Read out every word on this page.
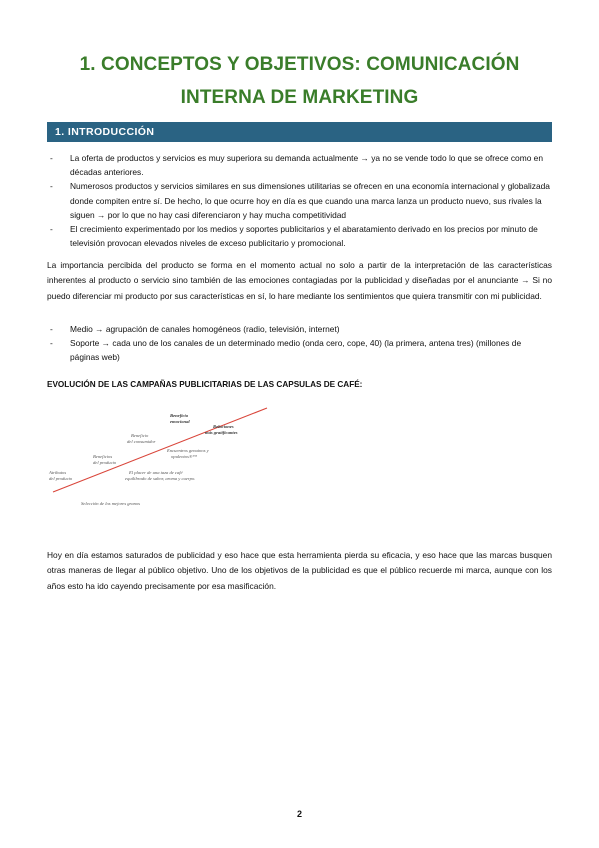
1. CONCEPTOS Y OBJETIVOS: COMUNICACIÓN
INTERNA DE MARKETING
1. INTRODUCCIÓN
- La oferta de productos y servicios es muy superiora su demanda actualmente → ya no se vende todo lo que se ofrece como en décadas anteriores.
- Numerosos productos y servicios similares en sus dimensiones utilitarias se ofrecen en una economía internacional y globalizada donde compiten entre sí. De hecho, lo que ocurre hoy en día es que cuando una marca lanza un producto nuevo, sus rivales la siguen → por lo que no hay casi diferenciaron y hay mucha competitividad
- El crecimiento experimentado por los medios y soportes publicitarios y el abaratamiento derivado en los precios por minuto de televisión provocan elevados niveles de exceso publicitario y promocional.

La importancia percibida del producto se forma en el momento actual no solo a partir de la interpretación de las características inherentes al producto o servicio sino también de las emociones contagiadas por la publicidad y diseñadas por el anunciante → Si no puedo diferenciar mi producto por sus características en sí, lo hare mediante los sentimientos que quiera transmitir con mi publicidad.

- Medio → agrupación de canales homogéneos (radio, televisión, internet)
- Soporte → cada uno de los canales de un determinado medio (onda cero, cope, 40) (la primera, antena tres) (millones de páginas web)
EVOLUCIÓN DE LAS CAMPAÑAS PUBLICITARIAS DE LAS CAPSULAS DE CAFÉ:
Atributos
del producto
Beneficios
del producto
Beneficio
del consumidor
Beneficio
emocional
Relaciones
más gratificantes
Encuentros genuinos y
opulentos®™
El placer de una taza de café
equilibrado de sabor, aroma y cuerpo.
Selección de los mejores granos

Hoy en día estamos saturados de publicidad y eso hace que esta herramienta pierda su eficacia, y eso hace que las marcas busquen otras maneras de llegar al público objetivo. Uno de los objetivos de la publicidad es que el público recuerde mi marca, aunque con los años esto ha ido cayendo precisamente por esa masificación.

2
